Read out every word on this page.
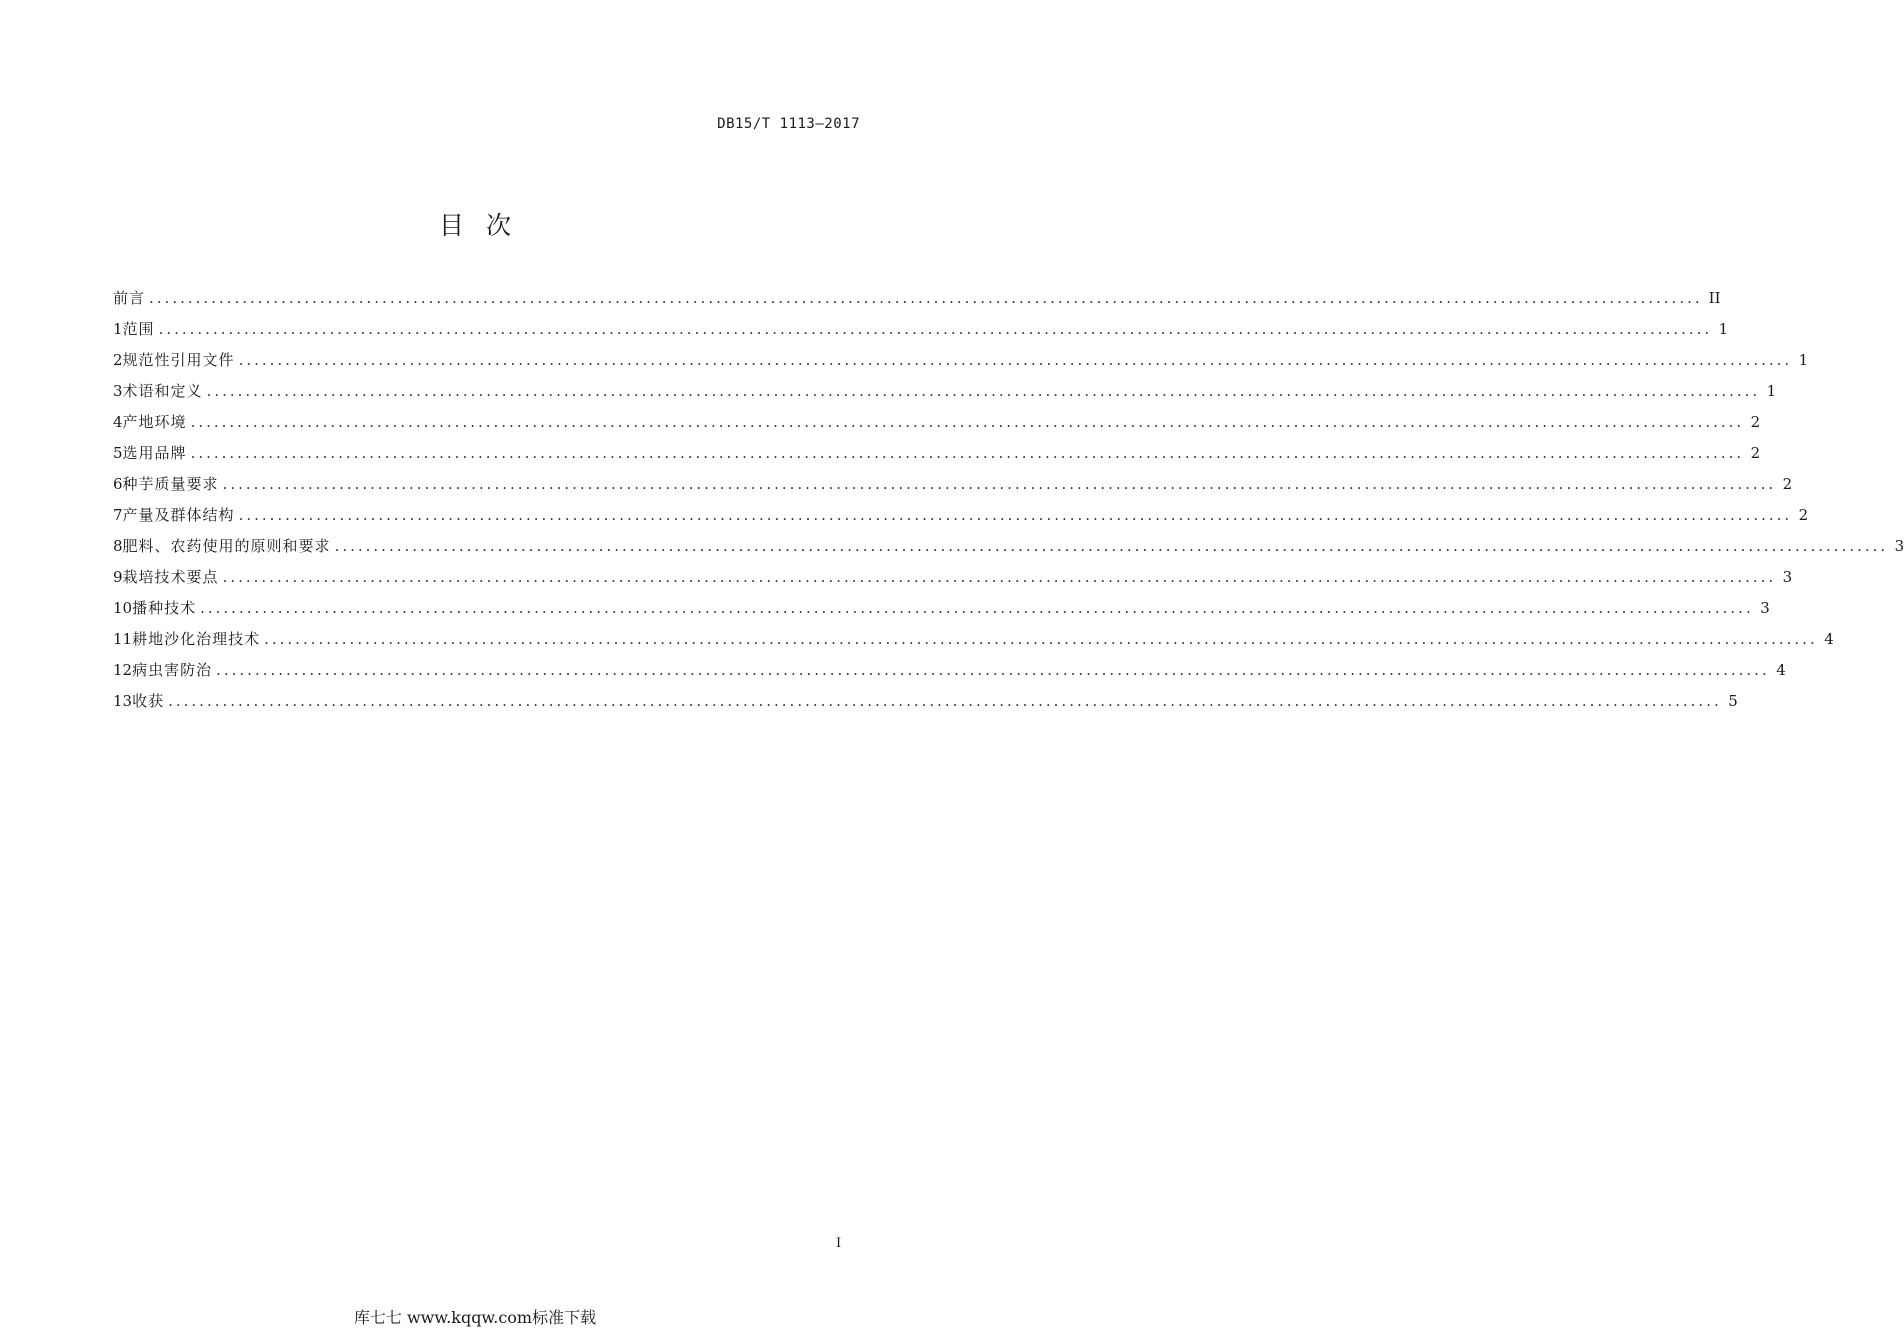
DB15/T 1113—2017
目次
前言 ........................................................................................................................................................................................................ II
1 范围 ........................................................................................................................................................................................................ 1
2 规范性引用文件 ........................................................................................................................................................................................................ 1
3 术语和定义 ........................................................................................................................................................................................................ 1
4 产地环境 ........................................................................................................................................................................................................ 2
5 选用品牌 ........................................................................................................................................................................................................ 2
6 种芋质量要求 ........................................................................................................................................................................................................ 2
7 产量及群体结构 ........................................................................................................................................................................................................ 2
8 肥料、农药使用的原则和要求 ........................................................................................................................................................................................................ 3
9 栽培技术要点 ........................................................................................................................................................................................................ 3
10 播种技术 ........................................................................................................................................................................................................ 3
11 耕地沙化治理技术 ........................................................................................................................................................................................................ 4
12 病虫害防治 ........................................................................................................................................................................................................ 4
13 收获 ........................................................................................................................................................................................................ 5
I
库七七 www.kqqw.com标准下载
